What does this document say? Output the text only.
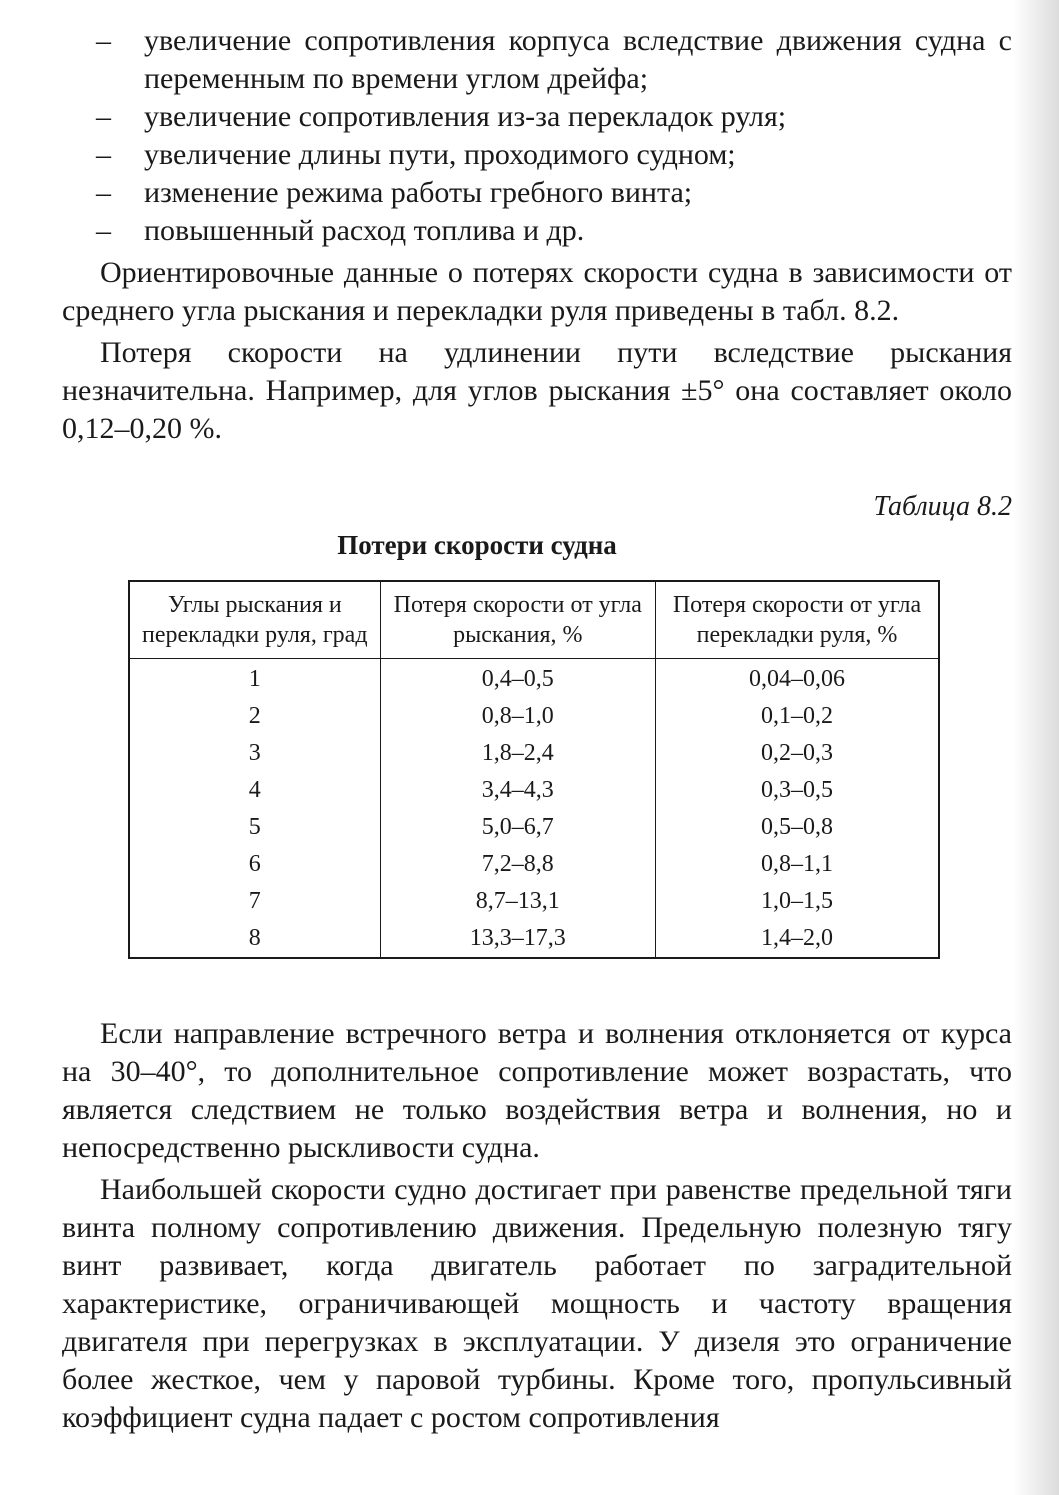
– увеличение сопротивления корпуса вследствие движения судна с переменным по времени углом дрейфа;
– увеличение сопротивления из-за перекладок руля;
– увеличение длины пути, проходимого судном;
– изменение режима работы гребного винта;
– повышенный расход топлива и др.

Ориентировочные данные о потерях скорости судна в зависимости от среднего угла рыскания и перекладки руля приведены в табл. 8.2.

Потеря скорости на удлинении пути вследствие рыскания незначительна. Например, для углов рыскания ±5° она составляет около 0,12–0,20 %.

Таблица 8.2
Потери скорости судна
Углы рыскания и перекладки руля, град	Потеря скорости от угла рыскания, %	Потеря скорости от угла перекладки руля, %
1	0,4–0,5	0,04–0,06
2	0,8–1,0	0,1–0,2
3	1,8–2,4	0,2–0,3
4	3,4–4,3	0,3–0,5
5	5,0–6,7	0,5–0,8
6	7,2–8,8	0,8–1,1
7	8,7–13,1	1,0–1,5
8	13,3–17,3	1,4–2,0

Если направление встречного ветра и волнения отклоняется от курса на 30–40°, то дополнительное сопротивление может возрастать, что является следствием не только воздействия ветра и волнения, но и непосредственно рыскливости судна.

Наибольшей скорости судно достигает при равенстве предельной тяги винта полному сопротивлению движения. Предельную полезную тягу винт развивает, когда двигатель работает по заградительной характеристике, ограничивающей мощность и частоту вращения двигателя при перегрузках в эксплуатации. У дизеля это ограничение более жесткое, чем у паровой турбины. Кроме того, пропульсивный коэффициент судна падает с ростом сопротивления
